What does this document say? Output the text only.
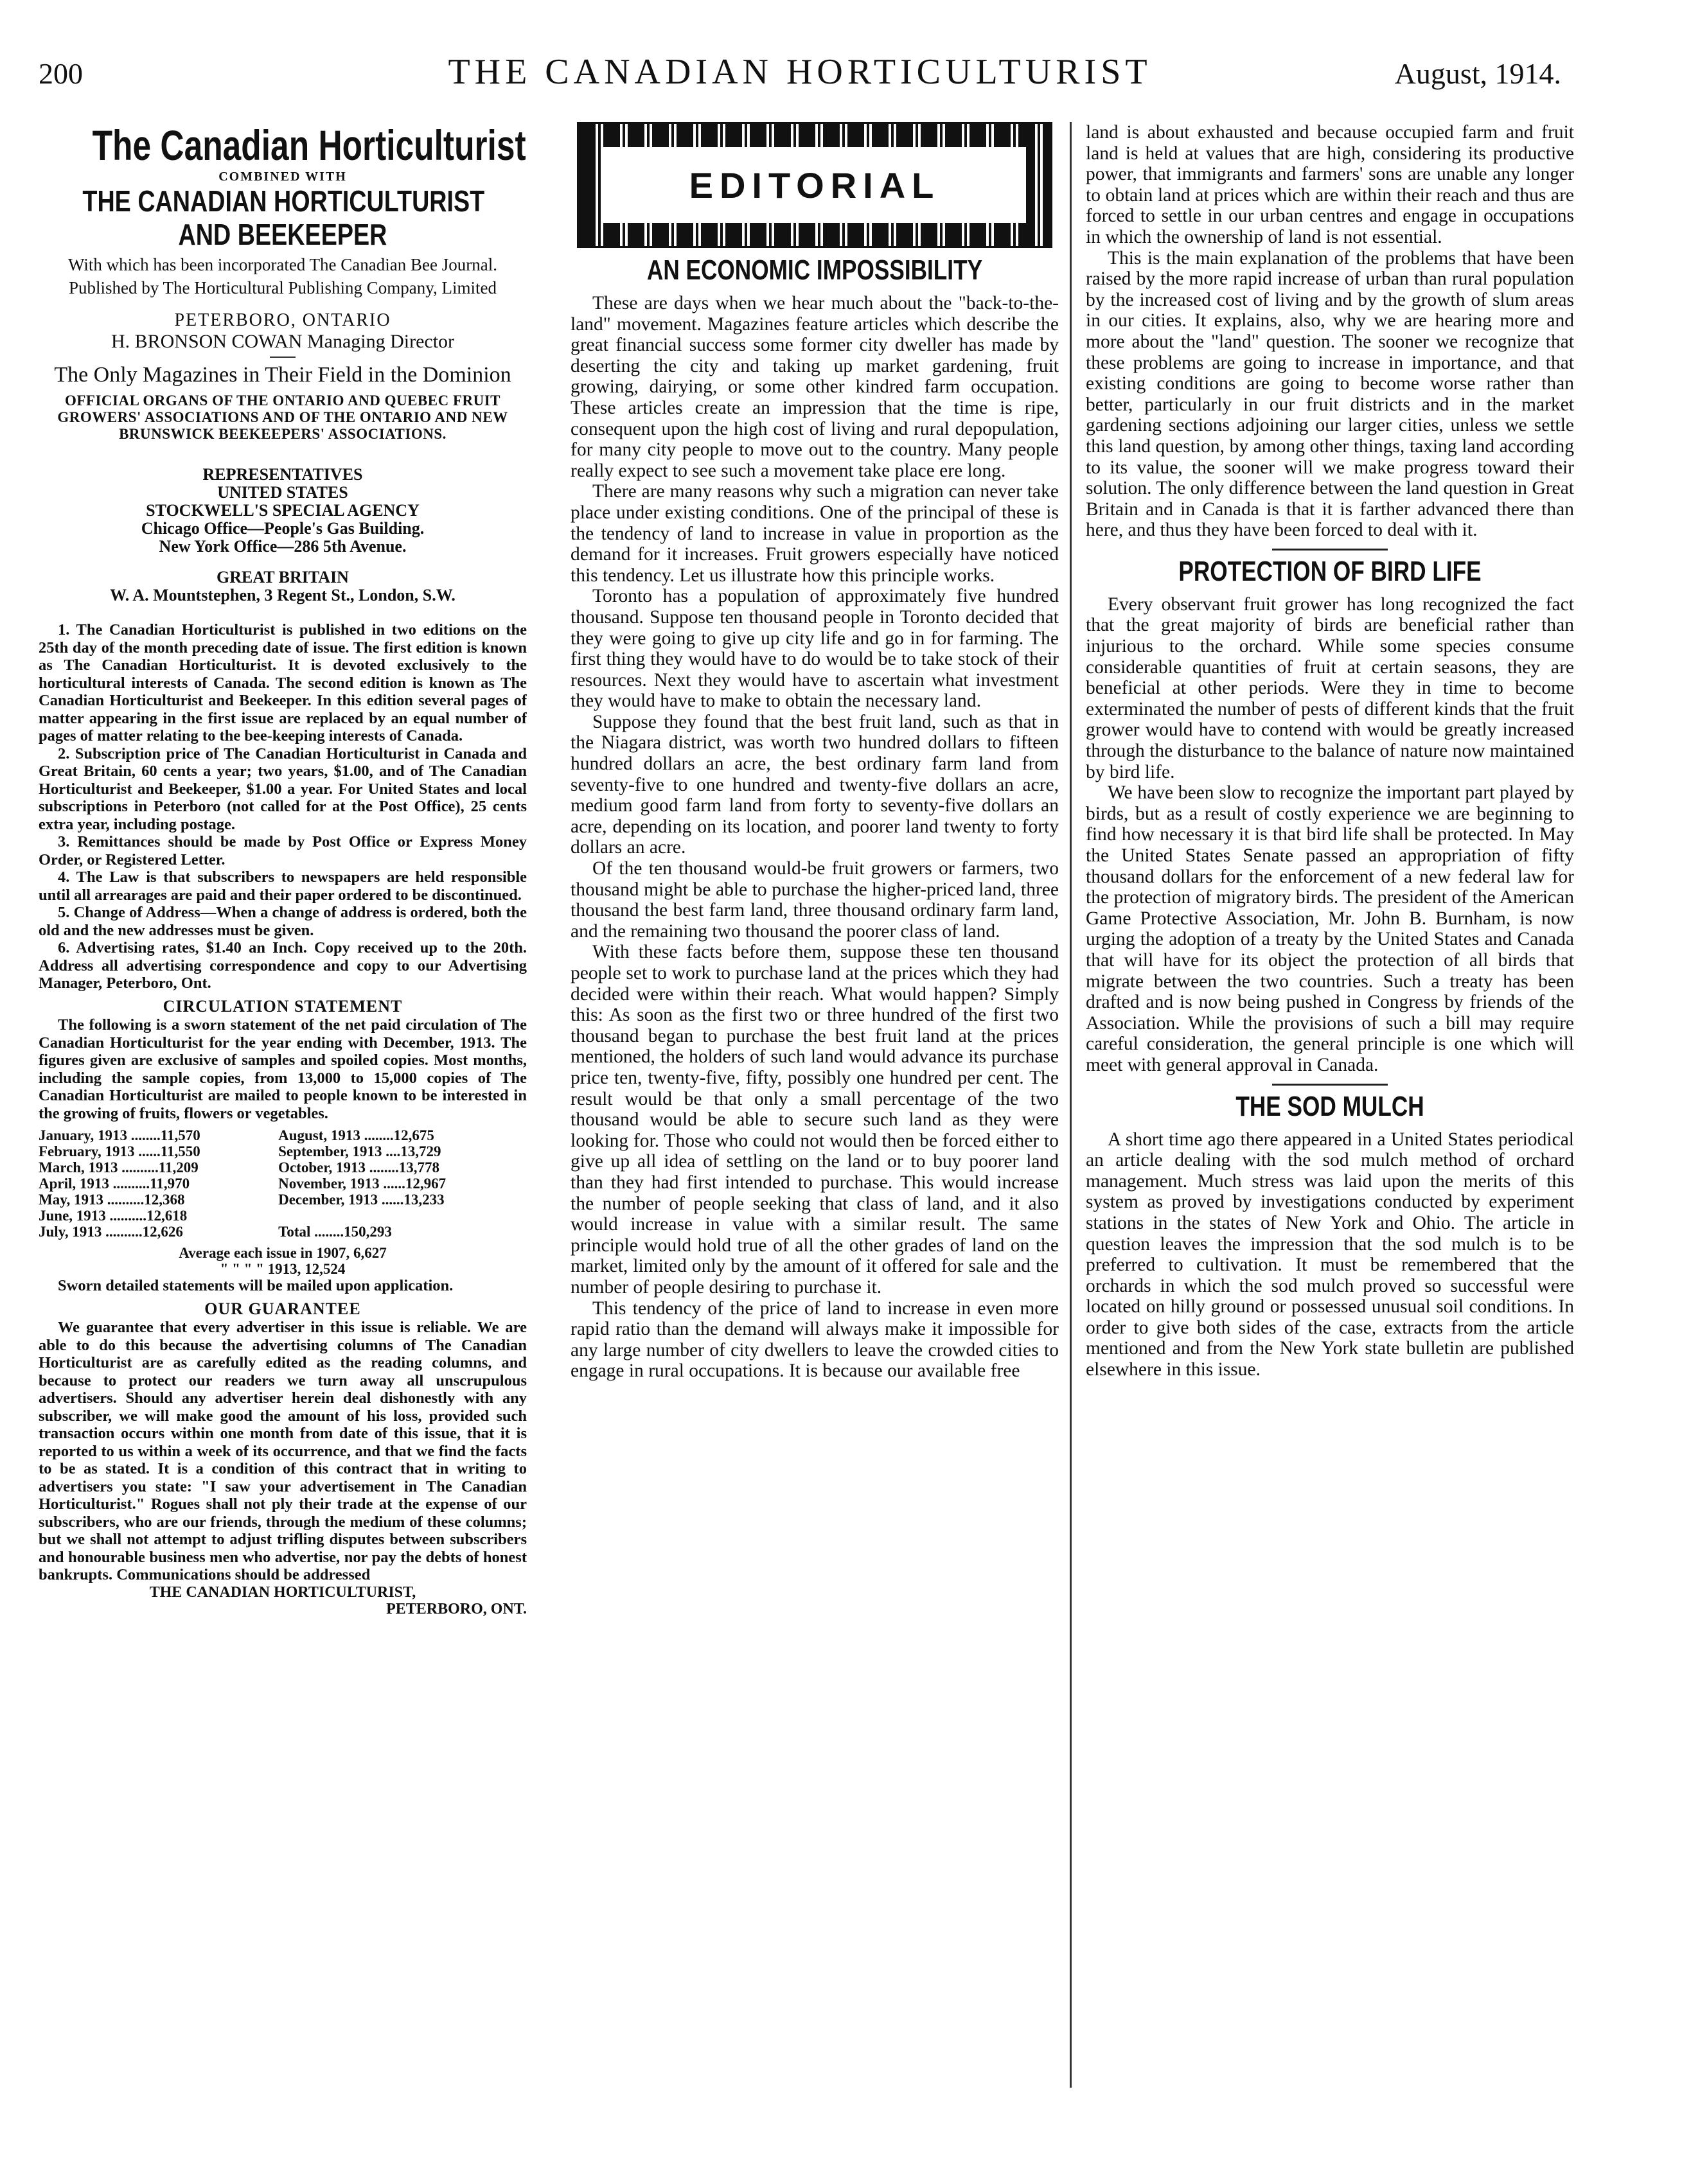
200	THE CANADIAN HORTICULTURIST	August, 1914.
The Canadian Horticulturist
COMBINED WITH
THE CANADIAN HORTICULTURIST
AND BEEKEEPER
With which has been incorporated The Canadian Bee Journal.
Published by The Horticultural Publishing Company, Limited
PETERBORO, ONTARIO
H. BRONSON COWAN Managing Director
The Only Magazines in Their Field in the Dominion
OFFICIAL ORGANS OF THE ONTARIO AND QUEBEC FRUIT GROWERS' ASSOCIATIONS AND OF THE ONTARIO AND NEW BRUNSWICK BEEKEEPERS' ASSOCIATIONS.

REPRESENTATIVES

UNITED STATES

STOCKWELL'S SPECIAL AGENCY

Chicago Office—People's Gas Building.

New York Office—286 5th Avenue.

GREAT BRITAIN

W. A. Mountstephen, 3 Regent St., London, S.W.

1. The Canadian Horticulturist is published in two editions on the 25th day of the month preceding date of issue. The first edition is known as The Canadian Horticulturist. It is devoted exclusively to the horticultural interests of Canada. The second edition is known as The Canadian Horticulturist and Beekeeper. In this edition several pages of matter appearing in the first issue are replaced by an equal number of pages of matter relating to the bee-keeping interests of Canada.

2. Subscription price of The Canadian Horticulturist in Canada and Great Britain, 60 cents a year; two years, $1.00, and of The Canadian Horticulturist and Beekeeper, $1.00 a year. For United States and local subscriptions in Peterboro (not called for at the Post Office), 25 cents extra year, including postage.

3. Remittances should be made by Post Office or Express Money Order, or Registered Letter.

4. The Law is that subscribers to newspapers are held responsible until all arrearages are paid and their paper ordered to be discontinued.

5. Change of Address—When a change of address is ordered, both the old and the new addresses must be given.

6. Advertising rates, $1.40 an Inch. Copy received up to the 20th. Address all advertising correspondence and copy to our Advertising Manager, Peterboro, Ont.

CIRCULATION STATEMENT

The following is a sworn statement of the net paid circulation of The Canadian Horticulturist for the year ending with December, 1913. The figures given are exclusive of samples and spoiled copies. Most months, including the sample copies, from 13,000 to 15,000 copies of The Canadian Horticulturist are mailed to people known to be interested in the growing of fruits, flowers or vegetables.

January, 1913 ........11,570	August, 1913 ........12,675
February, 1913 ......11,550	September, 1913 ....13,729
March, 1913 ..........11,209	October, 1913 ........13,778
April, 1913 ..........11,970	November, 1913 ......12,967
May, 1913 ..........12,368	December, 1913 ......13,233
June, 1913 ..........12,618	
July, 1913 ..........12,626	Total ........150,293
Average each issue in 1907, 6,627
" " " " 1913, 12,524

Sworn detailed statements will be mailed upon application.

OUR GUARANTEE

We guarantee that every advertiser in this issue is reliable. We are able to do this because the advertising columns of The Canadian Horticulturist are as carefully edited as the reading columns, and because to protect our readers we turn away all unscrupulous advertisers. Should any advertiser herein deal dishonestly with any subscriber, we will make good the amount of his loss, provided such transaction occurs within one month from date of this issue, that it is reported to us within a week of its occurrence, and that we find the facts to be as stated. It is a condition of this contract that in writing to advertisers you state: "I saw your advertisement in The Canadian Horticulturist." Rogues shall not ply their trade at the expense of our subscribers, who are our friends, through the medium of these columns; but we shall not attempt to adjust trifling disputes between subscribers and honourable business men who advertise, nor pay the debts of honest bankrupts. Communications should be addressed

THE CANADIAN HORTICULTURIST,
PETERBORO, ONT.
EDITORIAL
AN ECONOMIC IMPOSSIBILITY

These are days when we hear much about the "back-to-the-land" movement. Magazines feature articles which describe the great financial success some former city dweller has made by deserting the city and taking up market gardening, fruit growing, dairying, or some other kindred farm occupation. These articles create an impression that the time is ripe, consequent upon the high cost of living and rural depopulation, for many city people to move out to the country. Many people really expect to see such a movement take place ere long.

There are many reasons why such a migration can never take place under existing conditions. One of the principal of these is the tendency of land to increase in value in proportion as the demand for it increases. Fruit growers especially have noticed this tendency. Let us illustrate how this principle works.

Toronto has a population of approximately five hundred thousand. Suppose ten thousand people in Toronto decided that they were going to give up city life and go in for farming. The first thing they would have to do would be to take stock of their resources. Next they would have to ascertain what investment they would have to make to obtain the necessary land.

Suppose they found that the best fruit land, such as that in the Niagara district, was worth two hundred dollars to fifteen hundred dollars an acre, the best ordinary farm land from seventy-five to one hundred and twenty-five dollars an acre, medium good farm land from forty to seventy-five dollars an acre, depending on its location, and poorer land twenty to forty dollars an acre.

Of the ten thousand would-be fruit growers or farmers, two thousand might be able to purchase the higher-priced land, three thousand the best farm land, three thousand ordinary farm land, and the remaining two thousand the poorer class of land.

With these facts before them, suppose these ten thousand people set to work to purchase land at the prices which they had decided were within their reach. What would happen? Simply this: As soon as the first two or three hundred of the first two thousand began to purchase the best fruit land at the prices mentioned, the holders of such land would advance its purchase price ten, twenty-five, fifty, possibly one hundred per cent. The result would be that only a small percentage of the two thousand would be able to secure such land as they were looking for. Those who could not would then be forced either to give up all idea of settling on the land or to buy poorer land than they had first intended to purchase. This would increase the number of people seeking that class of land, and it also would increase in value with a similar result. The same principle would hold true of all the other grades of land on the market, limited only by the amount of it offered for sale and the number of people desiring to purchase it.

This tendency of the price of land to increase in even more rapid ratio than the demand will always make it impossible for any large number of city dwellers to leave the crowded cities to engage in rural occupations. It is because our available free

land is about exhausted and because occupied farm and fruit land is held at values that are high, considering its productive power, that immigrants and farmers' sons are unable any longer to obtain land at prices which are within their reach and thus are forced to settle in our urban centres and engage in occupations in which the ownership of land is not essential.

This is the main explanation of the problems that have been raised by the more rapid increase of urban than rural population by the increased cost of living and by the growth of slum areas in our cities. It explains, also, why we are hearing more and more about the "land" question. The sooner we recognize that these problems are going to increase in importance, and that existing conditions are going to become worse rather than better, particularly in our fruit districts and in the market gardening sections adjoining our larger cities, unless we settle this land question, by among other things, taxing land according to its value, the sooner will we make progress toward their solution. The only difference between the land question in Great Britain and in Canada is that it is farther advanced there than here, and thus they have been forced to deal with it.

PROTECTION OF BIRD LIFE

Every observant fruit grower has long recognized the fact that the great majority of birds are beneficial rather than injurious to the orchard. While some species consume considerable quantities of fruit at certain seasons, they are beneficial at other periods. Were they in time to become exterminated the number of pests of different kinds that the fruit grower would have to contend with would be greatly increased through the disturbance to the balance of nature now maintained by bird life.

We have been slow to recognize the important part played by birds, but as a result of costly experience we are beginning to find how necessary it is that bird life shall be protected. In May the United States Senate passed an appropriation of fifty thousand dollars for the enforcement of a new federal law for the protection of migratory birds. The president of the American Game Protective Association, Mr. John B. Burnham, is now urging the adoption of a treaty by the United States and Canada that will have for its object the protection of all birds that migrate between the two countries. Such a treaty has been drafted and is now being pushed in Congress by friends of the Association. While the provisions of such a bill may require careful consideration, the general principle is one which will meet with general approval in Canada.

THE SOD MULCH

A short time ago there appeared in a United States periodical an article dealing with the sod mulch method of orchard management. Much stress was laid upon the merits of this system as proved by investigations conducted by experiment stations in the states of New York and Ohio. The article in question leaves the impression that the sod mulch is to be preferred to cultivation. It must be remembered that the orchards in which the sod mulch proved so successful were located on hilly ground or possessed unusual soil conditions. In order to give both sides of the case, extracts from the article mentioned and from the New York state bulletin are published elsewhere in this issue.
